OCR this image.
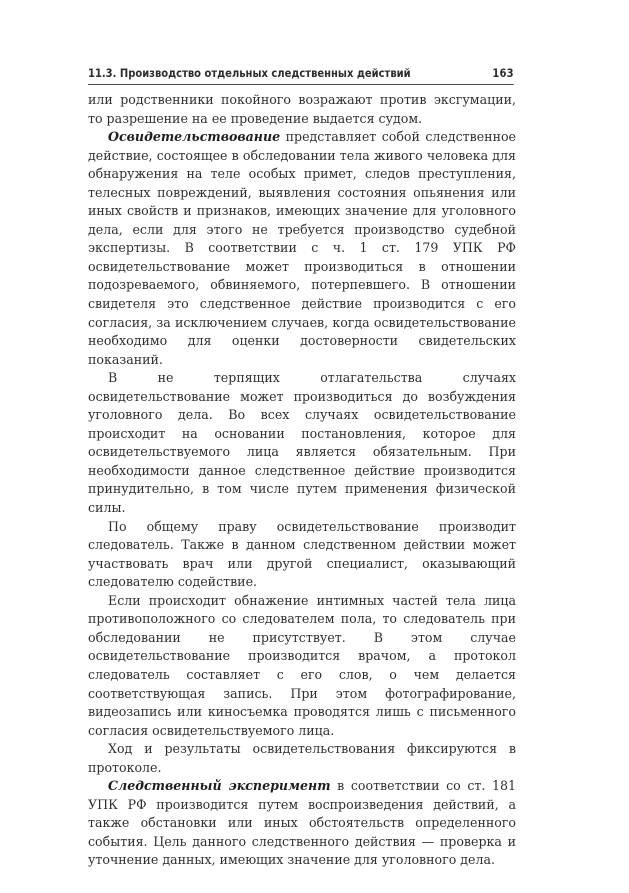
11.3. Производство отдельных следственных действий	163

или родственники покойного возражают против эксгумации, то разрешение на ее проведение выдается судом.

Освидетельствование представляет собой следственное действие, состоящее в обследовании тела живого человека для обнаружения на теле особых примет, следов преступления, телесных повреждений, выявления состояния опьянения или иных свойств и признаков, имеющих значение для уголовного дела, если для этого не требуется производство судебной экспертизы. В соответствии с ч. 1 ст. 179 УПК РФ освидетельствование может производиться в отношении подозреваемого, обвиняемого, потерпевшего. В отношении свидетеля это следственное действие производится с его согласия, за исключением случаев, когда освидетельствование необходимо для оценки достоверности свидетельских показаний.

В не терпящих отлагательства случаях освидетельствование может производиться до возбуждения уголовного дела. Во всех случаях освидетельствование происходит на основании постановления, которое для освидетельствуемого лица является обязательным. При необходимости данное следственное действие производится принудительно, в том числе путем применения физической силы.

По общему праву освидетельствование производит следователь. Также в данном следственном действии может участвовать врач или другой специалист, оказывающий следователю содействие.

Если происходит обнажение интимных частей тела лица противоположного со следователем пола, то следователь при обследовании не присутствует. В этом случае освидетельствование производится врачом, а протокол следователь составляет с его слов, о чем делается соответствующая запись. При этом фотографирование, видеозапись или киносъемка проводятся лишь с письменного согласия освидетельствуемого лица.

Ход и результаты освидетельствования фиксируются в протоколе.

Следственный эксперимент в соответствии со ст. 181 УПК РФ производится путем воспроизведения действий, а также обстановки или иных обстоятельств определенного события. Цель данного следственного действия — проверка и уточнение данных, имеющих значение для уголовного дела.
